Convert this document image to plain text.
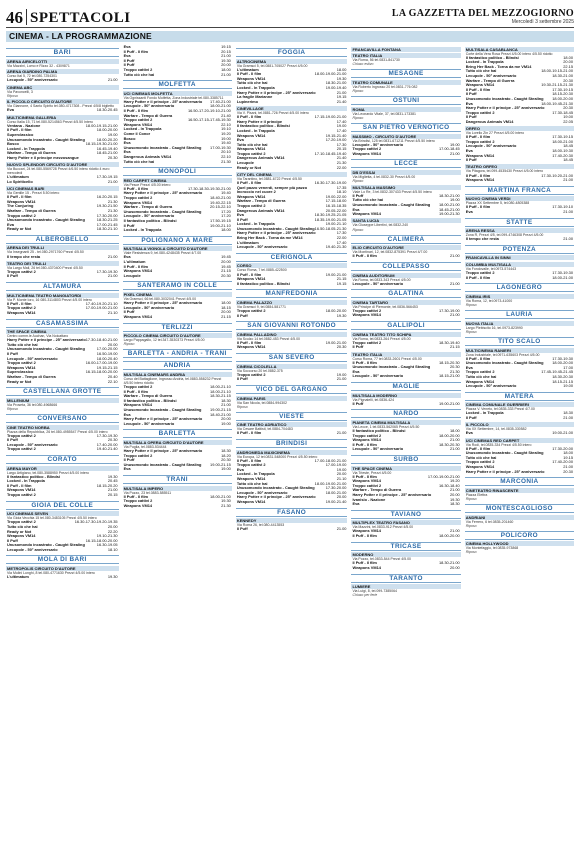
46 SPETTACOLI	LA GAZZETTA DEL MEZZOGIORNO
Mercoledì 3 settembre 2025
CINEMA - LA PROGRAMMAZIONE
BARI
ARENA AIRICELOTTI
Via Mazzini, Lomo e Rizzo 32 - 4309871
ARENA GIARDINO PALMA
Corso Ital 5, 72 tel.080-7254301
Lecupole - 50° anniversario	21.00
CINEMA ABC
Via Pavoncelli, 3
Riposo
IL PICCOLO CIRCUITO D'AUTORE
Via Giannone, 4 Santo Spirito tel.080-4717308 - Prezzi 4/5/8 biglietto
Eva	18.30-20.45
MULTICINEMA GALLERIA
Corso Italia 15, 71 tel.080-5214563 Prezzi 4/5.50 Intero
Ventana - Nazione	18.00-19.15-21.00
Il Puff - Il film	18.00-20.00
Superclassico	19.00
Unusomondo incastrato - Caught Stealing	18.00-20.20
Bosco	18.15-19.30-21.00
Locked - In Trappola	16.45-19.40
Warfare - Tempo di Guerra	18.45-21.00
Harry Potter e il principe mezzosangue	20.30
NUOVO SPLENDOR CIRCUITO D'AUTORE
Via Buccari, 24 tel.080-5569728 Prezzi 4/6.50 intero ridotto 4 euro mercoledì
L'ultimatum	17.30-19.15
Lo Spiriticello	21.00
UCI CINEMAS BARI
Via Gentile 15 - Prezzi 5.50 intero
Il Puff - Il film	16.20-20.15
Weapons VM14	21.30
The Conjuring	19.30-21.50
Warfare - Tempo di Guerra	21.30
Troppo cattivi 2	17.30-20.00
Unusomondo incastrato - Caught Stealing	18.30-21.25
Eva	17.00-21.45
Ready or Not	18.30-21.10
ALBEROBELLO
ARENA DEI TRULLI
Via Insegnanti 25 - tel.080-2971760 Prezzi 4/5.50
Il tempo che resta	21.00
TEATRO DEI TRULLI
Via Largo Mali, 26 tel.080-4370400 Prezzi 4/5.50
Troppo cattivi 2	17.30-19.30
Il Puff	21.00
ALTAMURA
MULTICINEMA TEATRO MANGIATORDI
Via P. Monte Ioro, 16 080-3114803 Prezzi 4/5.00 intero
Il Puff - Il film	17.40-19.20-21.10
Troppo cattivi 2	17.00-19.00-21.00
Weapons VM14	21.10
CASAMASSIMA
THE SPACE CINEMA
Centro comm.le Auchan, Via Noicattaro
Harry Potter e il principe - 25° anniversario 17.30-18.40-21.00
Tutto ciò che hai	20.00
Unusomondo incastrato - Caught Stealing	17.00-20.00
Il Puff	16.50-19.00
Lecupole - 50° anniversario	18.00-20.40
Troppo cattivi 2	16.00-17.00-19.00
Weapons VM14	19.15-21.15
Superclassico	16.15-18.00-20.00
Warfare - Tempo di Guerra	20.40
Ready or Not	22.10
CASTELLANA GROTTE
MILLENIUM
Via Proseta, 36 tel.080-4968666
Riposo
CONVERSANO
CINE TEATRO NORBA
Piazza della Repubblica, 26 tel.080-4955547 Prezzi 4/5.00 intero
Troppo cattivi 2	17.30-19.30
Il Puff	20.30
Lecupole - 50° anniversario	17.40-20.00
Troppo cattivi 2	19.40-21.40
CORATO
ARENA MAYOR
Largo Artigiano, tel.080-3588950 Prezzi 4/5.00 intero
Il fantastico politico - Blindsi	19.30
Locked - In Trappola	20.45
Il Puff - Il film	18.15-20.20
Weapons VM14	21.00
Troppo cattivi 2	20.15
GIOIA DEL COLLE
UCI CINEMAS SEVEN
Via Gioia Vecchia 15 tel.080-3483105 Prezzi 4/5.50 intero
Troppo cattivi 2	16.30-17.30-19.20-19.35
Tutto ciò che hai	20.00
Ready or Not	22.20
Weapons VM14	19.10-21.30
Il Puff	16.15-18.00-20.00
Unusomondo incastrato - Caught Stealing	16.30-19.05
Lecupole - 50° anniversario	18.10
MOLA DI BARI
METROPOLIS CIRCUITO D'AUTORE
Via Mulini Lunghi, 8 tel.080-4771630 Prezzi 4/5.00 intero
L'ultimatum	19.30
Eva	19.15
Il Puff - Il film	20.15
Eva	21.00
Il Puff	19.30
Il Puff	20.00
Troppo cattivi 2	18.00
Tutto ciò che hai	21.00
MOLFETTA
UCI CINEMAS MOLFETTA
Via Ognissanti Fondo Molfetta, Zona Industriale tel.080-3385711
Harry Potter e il principe - 25° anniversario 17.40-21.00
Lecupole - 50° anniversario	18.00-21.00
Il Puff - Il film	16.50-17.20-19.10-21.00
Warfare - Tempo di Guerra	21.40
Troppo cattivi 2	16.50-17.15-17.45-19.30
Weapons VM14	22.10
Locked - In Trappola	19.10
Come il Conor	19.20
Bosco	19.00
Eva	19.40
Unusomondo incastrato - Caught Stealing 17.00-19.30
Eva	20.10
Dangerous Animals VM14	22.10
Tutto ciò che hai	21.30
MONOPOLI
RED CARPET CINEMA
Via Pesce Prezzi 4/5.00 intero
Il Puff - Il film	17.30-18.30-19.30-21.00
Harry Potter e il principe - 25° anniversario	19.40
Troppo cattivi 2	18.40-21.00
Weapons VM14	19.40-22.15
Warfare - Tempo di Guerra	20.15-22.10
Unusomondo incastrato - Caught Stealing	17.20
Lecupole - 50° anniversario	17.20
Il fantastico politico - Blindsi	17.50-19.15
Il Puff	19.00-21.10
Locked - In Trappola	18.00
POLIGNANO A MARE
MULTISALA VIGNOLA CIRCUITO D'AUTORE
Viale Resistenza 9, tel.080-4248435 Prezzi 4/7.00
Eva	19.45
L'ultimatum	20.00
Il Puff - Il film	19.45
Weapons VM14	21.15
Lecupole	20.30
SANTERAMO IN COLLE
PIXEL CINEMA
Via Gramsci, 66 tel.080-3032041 Prezzi 4/5.00
Harry Potter e il principe - 25° anniversario	18.00
Lecupole - 50° anniversario	18.15
Il Puff	20.00
Weapons VM14	21.15
TERLIZZI
PICCOLO CINEMA CIRCUITO D'AUTORE
Largo Pappagallo, 12 tel.347-3530373 Prezzi 4/5.00
Riposo
BARLETTA - ANDRIA - TRANI
ANDRIA
MULTISALA CINEMARS ANDRIA
Corso del Battaglione, Ingrosso Andria, tel.0883-558232 Prezzi 4/5.50 intero ridotto
Troppo cattivi 2	18.00-21.10
Il Puff - Il film	18.00-21.10
Warfare - Tempo di Guerra	18.30-21.15
Il fantastico politico - Blindsi	18.30
Weapons VM14	21.00
Unusomondo incastrato - Caught Stealing 19.00-21.15
Eva	18.40-21.00
Harry Potter e il principe - 25° anniversario	20.00
Lecupole - 50° anniversario	19.00
BARLETTA
MULTISALA OPERA CIRCUITO D'AUTORE
Via Puglia, tel.0883-534444
Harry Potter e il principe - 25° anniversario	18.30
Troppo cattivi 2	18.20
Il Puff	20.30
Unusomondo incastrato - Caught Stealing 19.00-21.15
Eva	19.00
TRANI
MULTISALA IMPERO
Via Pozzo, 23 tel.0883-585511
Il Puff - Il film	18.00-21.00
Troppo cattivi 2	19.30
Weapons VM14	21.30
FOGGIA
ALTROCINEMA
Via Gramsci 5, tel.0881-705027 Prezzi 4/5.00
L'ultimatum	18.00
Il Puff - Il film	18.00-19.00-21.00
Weapons VM14	19.30
Tutto ciò che hai	18.30-21.00
Locked - In Trappola	19.00-19.40
Harry Potter e il principe - 25° anniversario	21.00
La fragile Marianne	19.15
Lupinerimo	21.40
CINEVILLAGE
Via V. Pisani, tel.0881-726 Prezzi 4/5.00 intero
Il Puff - Il film	17.15-19.00-21.00
Harry Potter e il principe	17.40
Il fantastico politico - Blindsi	19.00
Locked - In Trappola	17.40
Weapons VM14	19.15-21.40
Eva	17.20-19.00
Tutto ciò che hai	17.30
Weapons VM14	20.15
Troppo cattivi 2	17.10-18.45-19.40
Dangerous Animals VM14	21.40
Lecupole	21.30
Ready or Not	22.00
CITY DEL CINEMA
Via Tarantino, tel.0881-6722 Prezzi 4/5.50
Il Puff - Il film	16.30-17.30-19.00
Quel pazzo venerdì, sempre più pazzo	17.35
Incroccio nel cuore 2	18.10
Weapons VM14	19.00-22.00
Warfare - Tempo di Guerra	17.15-18.00
Troppo cattivi 2	16.15-18.35
Dangerous Animals VM14	20.05-22.00
Eva	18.30-19.25-21.05
Il Puff	18.35-19.00-21.05
Locked - In Trappola	19.00-21.10
Unusomondo incastrato - Caught Stealing 16.50-18.05-21.30
Harry Potter e il principe - 25° anniversario	17.30
Bring Her Back - Torna da me VM14	22.00
L'ultimatum	17.40
Lecupole - 50° anniversario	19.40-21.30
CERIGNOLA
CORSO
Corso Roma, 7 tel.0885-422500
Il Puff - Il film	19.00-21.00
Weapons VM14	21.15
Il fantastico politico - Blindsi	19.15
MANFREDONIA
CINEMA PALAZZO
Via Gramsci 9, tel.0884-581771
Troppo cattivi 2	18.00-20.00
Il Puff	19.30
SAN GIOVANNI ROTONDO
CINEMA PALLADINO
Via Sculzo 14 tel.0882-453 Prezzi 4/5.00
Il Puff - Il film	19.00-21.00
Weapons VM14	20.30
SAN SEVERO
CINEMA CICOLELLA
Via Soccorso 20 tel.0882-375
Troppo cattivi 2	19.00
Il Puff	21.00
VICO DEL GARGANO
CINEMA PARIS
Via San Nicola, tel.0884-994302
Riposo
VIESTE
CINE TEATRO ADRIATICO
Via Cesare Battisti, tel.0884-704483
Il Puff - Il film	21.00
BRINDISI
ANDROMEDA MAXICINEMA
Via Europa, 12 tel.0831-548000 Prezzi 4/5.50 intero
Il Puff - Il film	17.00-18.00-21.00
Troppo cattivi 2	17.00-19.00
Eva	19.00
Locked - In Trappola	20.00
Weapons VM14	21.10
Tutto ciò che hai	18.00-19.00-21.00
Unusomondo incastrato - Caught Stealing	17.30-20.00
Lecupole - 50° anniversario	18.00-21.00
Harry Potter e il principe - 25° anniversario	20.00
Weapons VM14	19.00-21.40
FASANO
KENNEDY
Via Roma 26, tel.080-4413553
Il Puff	21.00
FRANCAVILLA FONTANA
TEATRO ITALIA
Via Roma, 56 tel.0831-841730
Chiuso estivo
MESAGNE
TEATRO COMUNALE
Via Roberto Ingrosso 20 tel.0831-776 082
Riposo
OSTUNI
ROMA
Via Leonardo Vitale, 37, tel.0831-173381
Riposo
SAN PIETRO VERNOTICO
MASSIMO - CIRCUITO D'AUTORE
Via Brindisi, 125 tel.0831-671211 Prezzi 4/5.50 intero
Lecupole - 50° anniversario	19.00
Troppo cattivi 2	17.00-18.45
Weapons VM14	21.00
LECCE
DB D'ESSAI
Via Miglietta, 4 tel.0832-30 Prezzi 4/5.00
Riposo
MULTISALA MASSIMO
Viale Lo Re, 3 tel.0832-307433 Prezzi 4/5.50 intero
Il Puff	18.30-21.00
Tutto ciò che hai	19.00
Unusomondo incastrato - Caught Stealing 18.00-21.00
Eva	18.45-21.00
Weapons VM14	19.00-21.30
SANTA LUCIA
Via Giuseppe Libertini, tel.0832-240
Riposo
CALIMERA
ELIO CIRCUITO D'AUTORE
Via Montinari, 12, tel.0832-875391 Prezzi 4/7.00
Il Puff - Il film	21.00
COLLEPASSO
CINEMA AUDITORIUM
Via Roma, tel.0833-343 Prezzi 4/5.00
Lecupole - 50° anniversario	21.00
GALATINA
CINEMA TARTARO
Via Principe di Piemonte, tel.0836-566453
Troppo cattivi 2	17.30-19.00
Weapons VM14	21.00
GALLIPOLI
CINEMA TEATRO TITO SCHIPA
Via Roma, tel.0833-264 Prezzi 4/5.00
Troppo cattivi 2	18.30-19.40
Il Puff	21.15
TEATRO ITALIA
Corso Roma, 77 tel.0833-2601 Prezzi 4/5.00
Il Puff - Il film	18.15-20.30
Unusomondo incastrato - Caught Stealing	20.30
Eva	21.30
Lecupole - 50° anniversario	18.15-21.00
MAGLIE
MULTISALA MODERNO
Via Pignatelli, tel.0836-424
Il Puff	19.00-21.00
NARDO
PIANETA CINEMA MULTISALA
Via Lecce, 1 tel.0833-562065 Prezzi 4/5.50
Il fantastico politico - Blindsi	18.00
Troppo cattivi 2	18.00-20.00
Weapons VM14	21.00
Il Puff - Il film	18.30-20.30
Lecupole - 50° anniversario	21.00
SURBO
THE SPACE CINEMA
Via Trieste, Prezzi 4/5.00
Il Puff - Il film	17.00-19.00-21.00
Weapons VM14	19.20
Troppo cattivi 2	16.30-18.40
Warfare - Tempo di Guerra	21.00
Harry Potter e il principe - 25° anniversario	20.00
Ivanisio - Nazione	19.30
Eva	18.30
TAVIANO
MULTIPLEX TEATRO FASANO
Via Mazzini, tel.0833-912 Prezzi 4/5.00
Weapons VM14	21.00
Il Puff - Il film	18.00-20.00
TRICASE
MODERNO
Via Pozzo, tel.0833-544 Prezzi 4/5.00
Il Puff - Il film	18.30-21.00
Weapons VM14	20.00
TARANTO
LUMIERE
Via Luigi, 8, tel.099-7385064
Chiuso per ferie
MULTISALA CASABLANCA
Corte della Vera Rosa Prezzi 4/5.00 intero 4/5.50 ridotto
Il fantastico politico - Blindsi	18.00
Locked - In Trappola	20.00
Bring Her Back - Torna da me VM14	22.15
Tutto ciò che hai	18.00-19.15-21.00
Lecupole - 50° anniversario	18.30-21.00
Warfare - Tempo di Guerra	20.30
Weapons VM14	19.30-21.15-21.30
Il Puff - Il film	17.30-19.15
Il Puff	18.15-20.30
Unusomondo incastrato - Caught Stealing 18.00-20.00
Eva	18.00-19.45-21.30
Harry Potter e il principe - 25° anniversario	20.30
Troppo cattivi 2	17.30-18.45
Il Puff	19.00
Dangerous Animals VM14	22.05
ORFEO
Via Lorello Zin 27 Prezzi 4/5.00 intero
Il Puff - Il film	17.30-19.15
Troppo cattivi 2	18.00-21.00
Lecupole - 50° anniversario	18.45
Eva	18.00-19.30
Weapons VM14	17.40-20.30
Il Puff	18.45
TEATRO ORFEO
Via Pitagora, tel.099-4535430 Prezzi 4/5.00 intero
Il Puff - Il film	17.30-19.20-21.00
Weapons VM14	21.00
MARTINA FRANCA
NUOVO CINEMA VERDI
Piazza XX Settembre 5, tel.080-4805388
Il Puff - Il film	17.30-19.10
Eva	21.00
STATTE
ARENA RESSA
Zona R, Prezzi 4/5, tel.099-4746308 Prezzi 4/5.00
Il tempo che resta	21.00
POTENZA
FRANCAVILLA IN SINNI
COLUMBIA MULTISALA
Via Fondovalle, tel.0973-574443
Troppo cattivi 2	17.30-19.30
Il Puff - Il film	18.00-21.00
LAGONEGRO
CINEMA IRIS
Via Roma, 12, tel.0973-41000
Riposo
LAURIA
NUOVA ITALIA
Largo Plebiscito 16, tel.0973-823990
Riposo
TITO SCALO
MULTICINEMA RANIERI
Zona Industriale, tel.0971-635603 Prezzi 4/5.00
Il Puff - Il film	17.30-19.30
Unusomondo incastrato - Caught Stealing 18.00-20.00
Eva	17.00
Troppo cattivi 2	17.45-19.45-21.45
Tutto ciò che hai	18.30-20.30
Weapons VM14	18.15-21.15
Lecupole - 50° anniversario	19.00
MATERA
CINEMA COMUNALE GUERRIERI
Piazza V. Veneto, tel.0835-333 Prezzi 4/7.00
Locked - In Trappola	18.30
Il Puff	21.00
IL PICCOLO
Via XX Settembre, 14, tel.0835-330582
Eva	19.00-21.00
UCI CINEMAS RED CARPET
Via Rodi, tel.0835-334 Prezzi 4/5.50 intero
Il Puff - Il film	17.30-20.00
Unusomondo incastrato - Caught Stealing	18.00
Tutto ciò che hai	19.15
Troppo cattivi 2	17.40-20.00
Weapons VM14	21.00
Harry Potter e il principe - 25° anniversario	20.30
MARCONIA
CINETEATRO RINASCENTE
Piazza Elettra
Riposo
MONTESCAGLIOSO
ANDRIANI
Via Ferrero, 6 tel.0835-201460
Riposo
POLICORO
CINEMA HOLLYWOOD
Via Montefaggio, tel.0835-973868
Riposo
